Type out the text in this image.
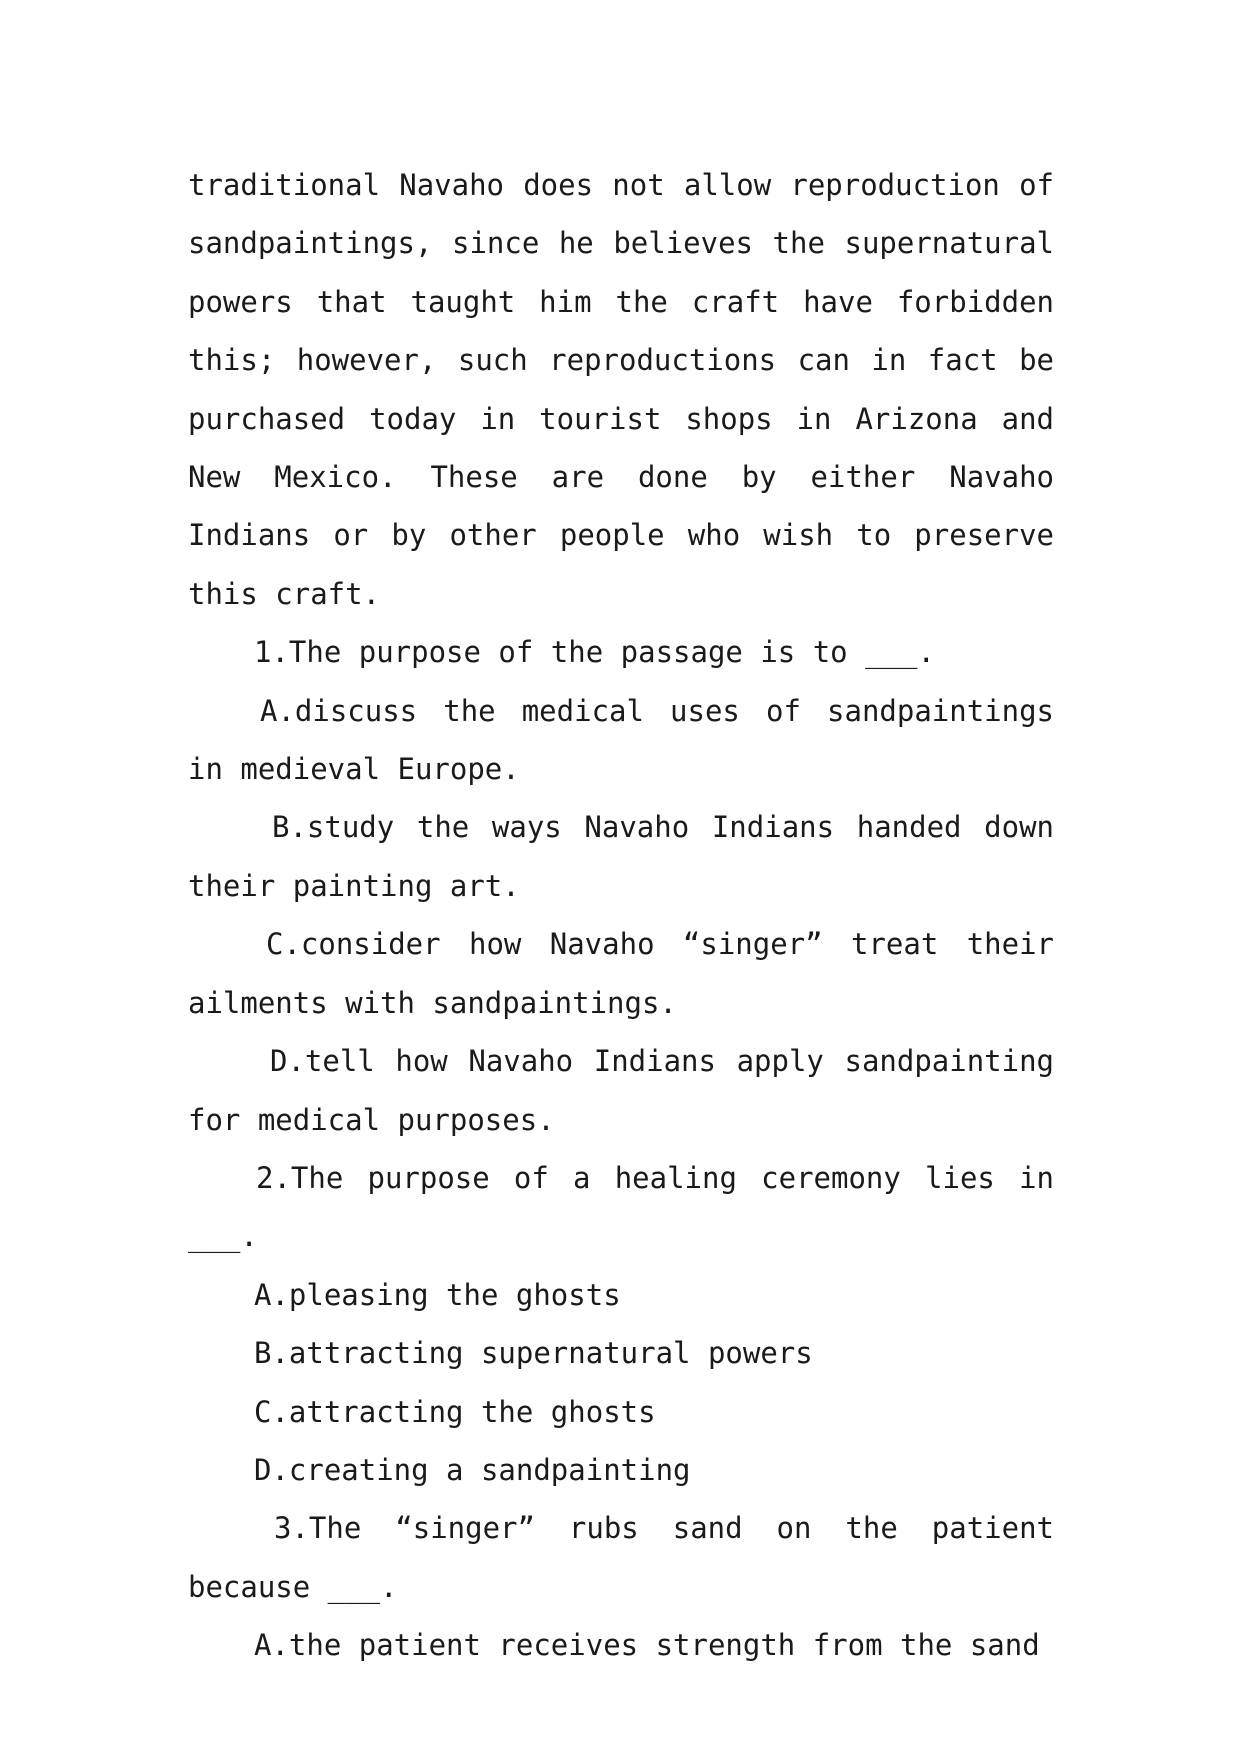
traditional Navaho does not allow reproduction of sandpaintings, since he believes the supernatural powers that taught him the craft have forbidden this; however, such reproductions can in fact be purchased today in tourist shops in Arizona and New Mexico. These are done by either Navaho Indians or by other people who wish to preserve this craft.

1.The purpose of the passage is to ___.

A.discuss the medical uses of sandpaintings in medieval Europe.

B.study the ways Navaho Indians handed down their painting art.

C.consider how Navaho “singer” treat their ailments with sandpaintings.

D.tell how Navaho Indians apply sandpainting for medical purposes.

2.The purpose of a healing ceremony lies in ___.

A.pleasing the ghosts

B.attracting supernatural powers

C.attracting the ghosts

D.creating a sandpainting

3.The “singer” rubs sand on the patient because ___.

A.the patient receives strength from the sand
